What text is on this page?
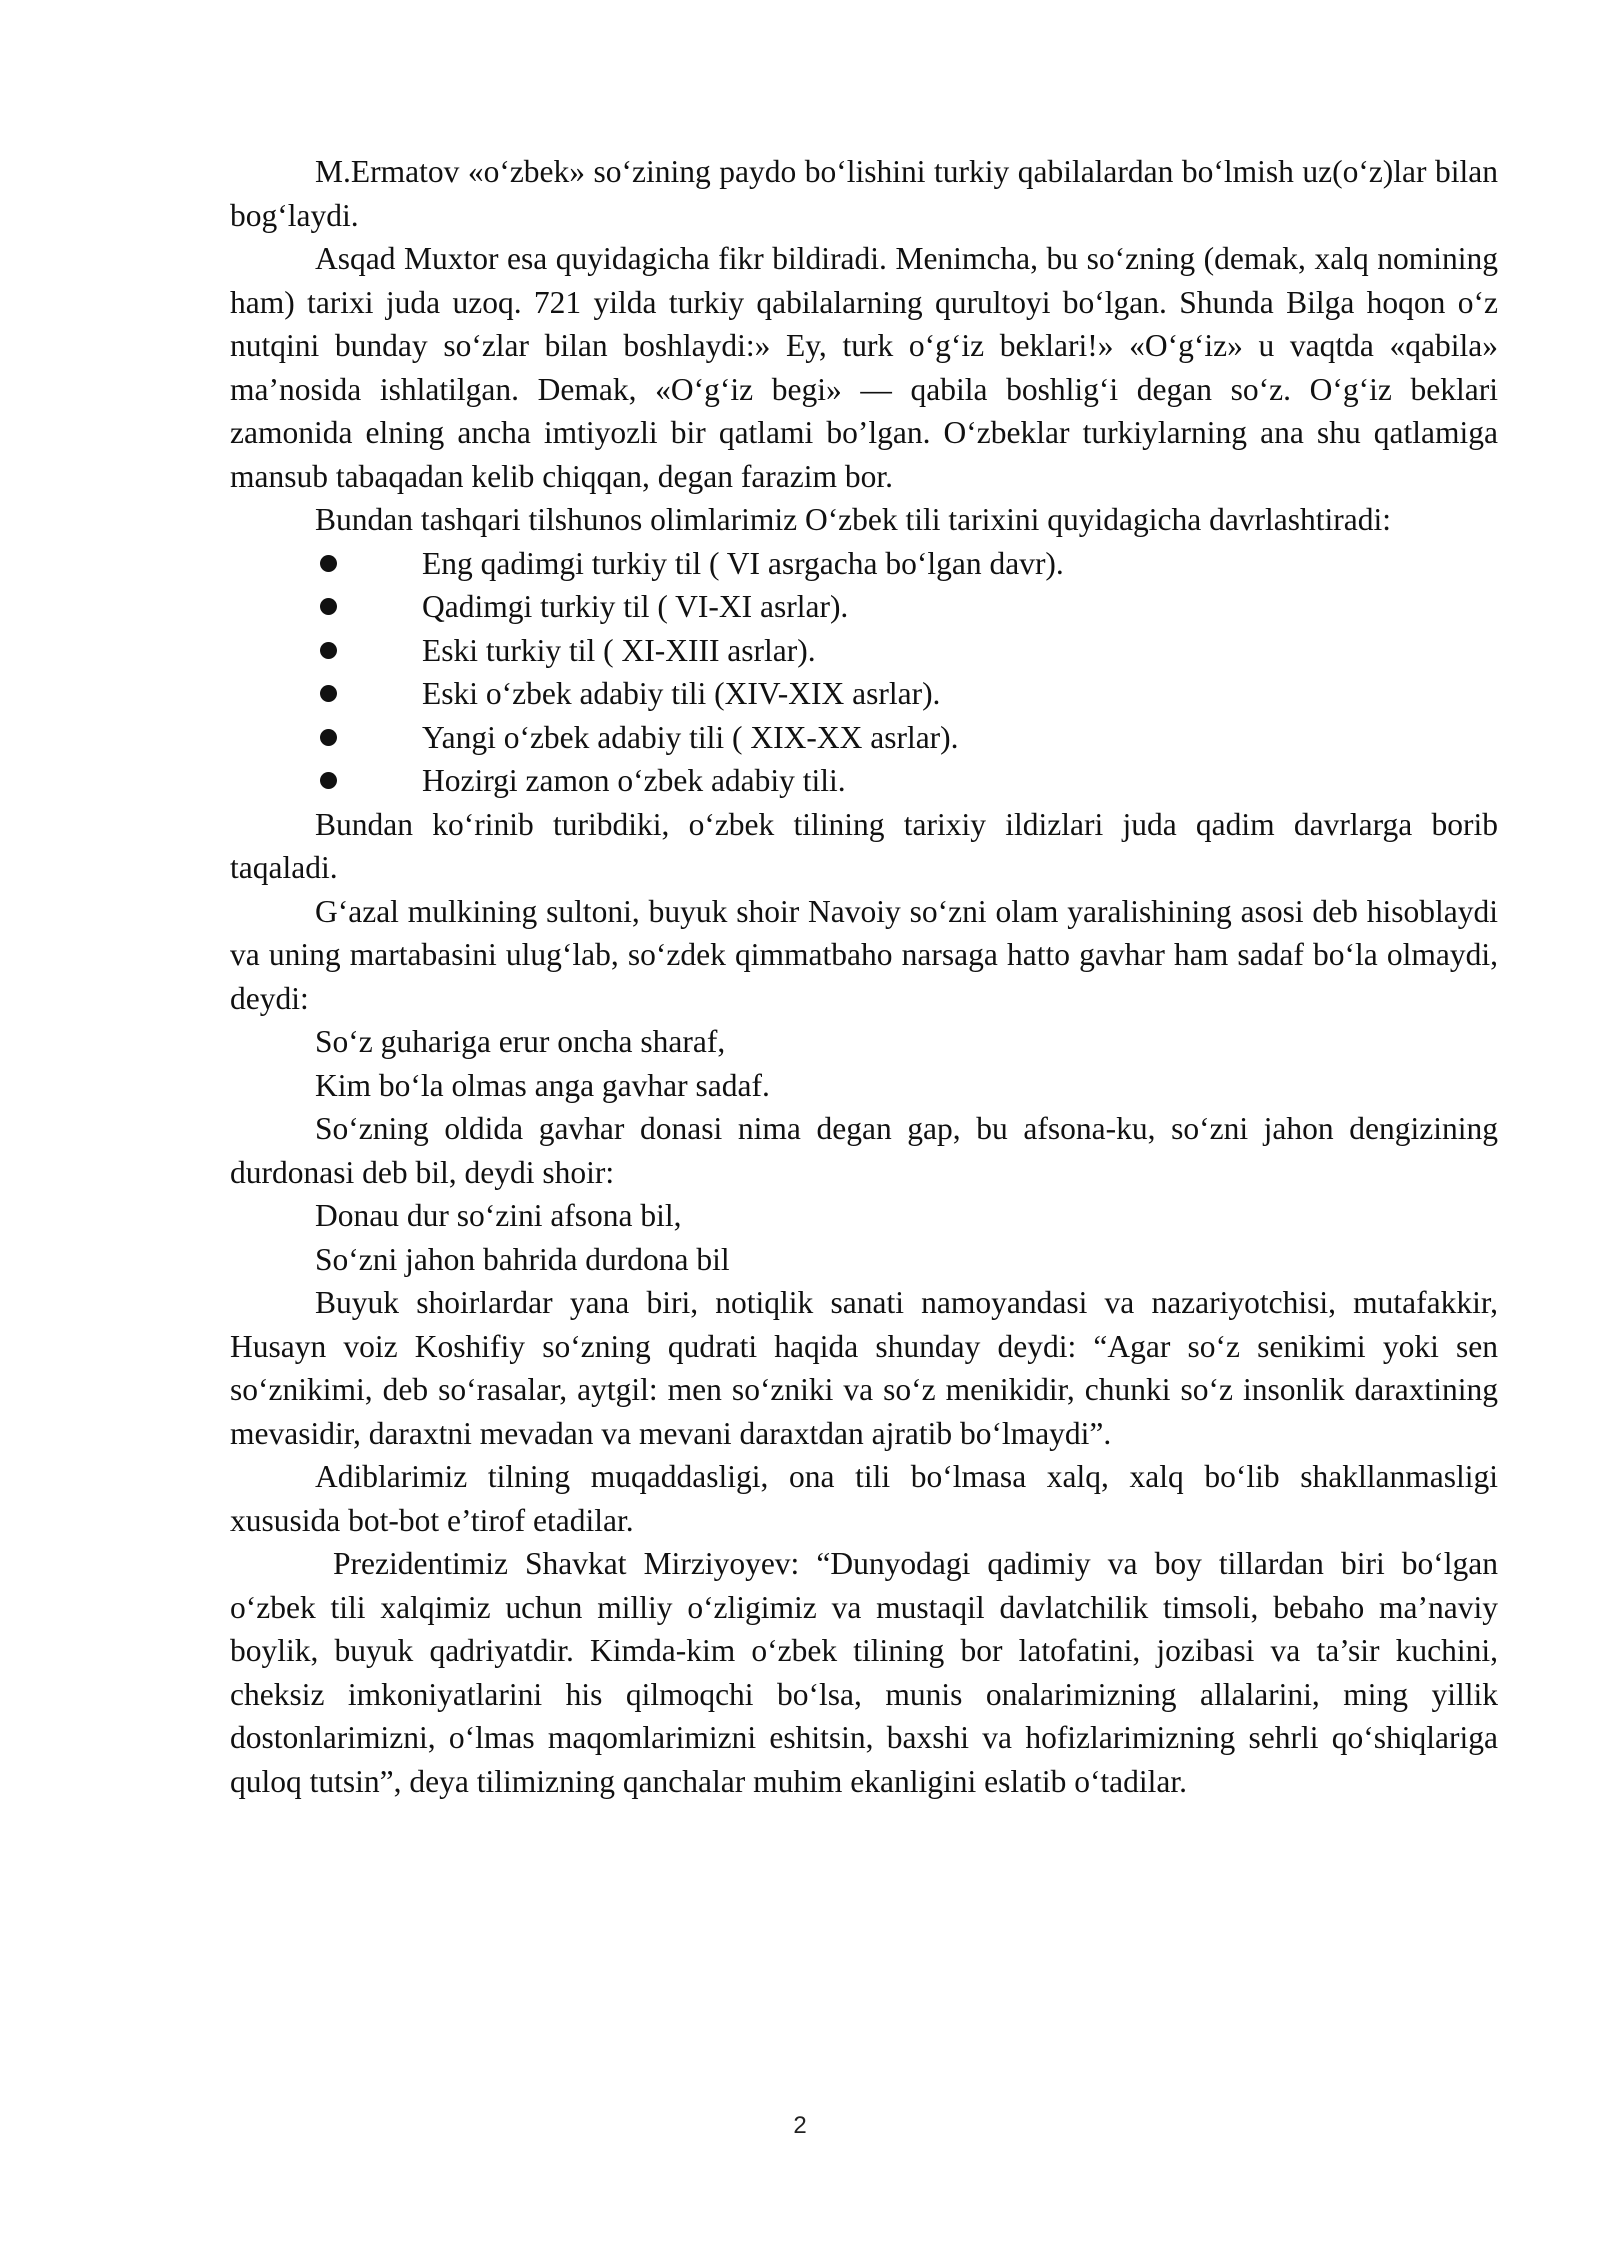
M.Ermatov «o‘zbek» so‘zining paydo bo‘lishini turkiy qabilalardan bo‘lmish uz(o‘z)lar bilan bog‘laydi.

Asqad Muxtor esa quyidagicha fikr bildiradi. Menimcha, bu so‘zning (demak, xalq nomining ham) tarixi juda uzoq. 721 yilda turkiy qabilalarning qurultoyi bo‘lgan. Shunda Bilga hoqon o‘z nutqini bunday so‘zlar bilan boshlaydi:» Ey, turk o‘g‘iz beklari!» «O‘g‘iz» u vaqtda «qabila» ma’nosida ishlatilgan. Demak, «O‘g‘iz begi» — qabila boshlig‘i degan so‘z. O‘g‘iz beklari zamonida elning ancha imtiyozli bir qatlami bo’lgan. O‘zbeklar turkiylarning ana shu qatlamiga mansub tabaqadan kelib chiqqan, degan farazim bor.

Bundan tashqari tilshunos olimlarimiz O‘zbek tili tarixini quyidagicha davrlashtiradi:

Eng qadimgi turkiy til ( VI asrgacha bo‘lgan davr).
Qadimgi turkiy til ( VI-XI asrlar).
Eski turkiy til ( XI-XIII asrlar).
Eski o‘zbek adabiy tili (XIV-XIX asrlar).
Yangi o‘zbek adabiy tili ( XIX-XX asrlar).
Hozirgi zamon o‘zbek adabiy tili.

Bundan ko‘rinib turibdiki, o‘zbek tilining tarixiy ildizlari juda qadim davrlarga borib taqaladi.

G‘azal mulkining sultoni, buyuk shoir Navoiy so‘zni olam yaralishining asosi deb hisoblaydi va uning martabasini ulug‘lab, so‘zdek qimmatbaho narsaga hatto gavhar ham sadaf bo‘la olmaydi, deydi:

So‘z guhariga erur oncha sharaf,

Kim bo‘la olmas anga gavhar sadaf.

So‘zning oldida gavhar donasi nima degan gap, bu afsona-ku, so‘zni jahon dengizining durdonasi deb bil, deydi shoir:

Donau dur so‘zini afsona bil,

So‘zni jahon bahrida durdona bil

Buyuk shoirlardar yana biri, notiqlik sanati namoyandasi va nazariyotchisi, mutafakkir, Husayn voiz Koshifiy so‘zning qudrati haqida shunday deydi: “Agar so‘z senikimi yoki sen so‘znikimi, deb so‘rasalar, aytgil: men so‘zniki va so‘z menikidir, chunki so‘z insonlik daraxtining mevasidir, daraxtni mevadan va mevani daraxtdan ajratib bo‘lmaydi”.

Adiblarimiz tilning muqaddasligi, ona tili bo‘lmasa xalq, xalq bo‘lib shakllanmasligi xususida bot-bot e’tirof etadilar.

Prezidentimiz Shavkat Mirziyoyev: “Dunyodagi qadimiy va boy tillardan biri bo‘lgan o‘zbek tili xalqimiz uchun milliy o‘zligimiz va mustaqil davlatchilik timsoli, bebaho ma’naviy boylik, buyuk qadriyatdir. Kimda-kim o‘zbek tilining bor latofatini, jozibasi va ta’sir kuchini, cheksiz imkoniyatlarini his qilmoqchi bo‘lsa, munis onalarimizning allalarini, ming yillik dostonlarimizni, o‘lmas maqomlarimizni eshitsin, baxshi va hofizlarimizning sehrli qo‘shiqlariga quloq tutsin”, deya tilimizning qanchalar muhim ekanligini eslatib o‘tadilar.

2
